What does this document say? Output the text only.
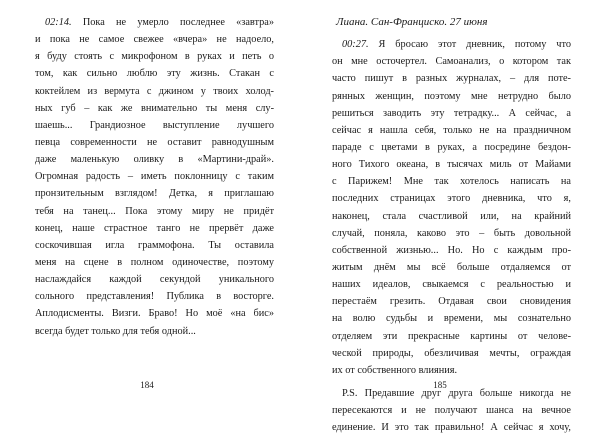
02:14. Пока не умерло последнее «завтра»
и пока не самое свежее «вчера» не надоело,
я буду стоять с микрофоном в руках и петь о
том, как сильно люблю эту жизнь. Стакан с
коктейлем из вермута с джином у твоих холод-
ных губ – как же внимательно ты меня слу-
шаешь... Грандиозное выступление лучшего
певца современности не оставит равнодушным
даже маленькую оливку в «Мартини-драй».
Огромная радость – иметь поклонницу с таким
пронзительным взглядом! Детка, я приглашаю
тебя на танец... Пока этому миру не придёт
конец, наше страстное танго не прервёт даже
соскочившая игла граммофона. Ты оставила
меня на сцене в полном одиночестве, поэтому
наслаждайся каждой секундой уникального
сольного представления! Публика в восторге.
Аплодисменты. Визги. Браво! Но моё «на бис»
всегда будет только для тебя одной...
184
Лиана. Сан-Франциско. 27 июня
00:27. Я бросаю этот дневник, потому что
он мне осточертел. Самоанализ, о котором так
часто пишут в разных журналах, – для поте-
рянных женщин, поэтому мне нетрудно было
решиться заводить эту тетрадку... А сейчас, а
сейчас я нашла себя, только не на праздничном
параде с цветами в руках, а посредине бездон-
ного Тихого океана, в тысячах миль от Майами
с Парижем! Мне так хотелось написать на
последних страницах этого дневника, что я,
наконец, стала счастливой или, на крайний
случай, поняла, каково это – быть довольной
собственной жизнью... Но. Но с каждым про-
житым днём мы всё больше отдаляемся от
наших идеалов, свыкаемся с реальностью и
перестаём грезить. Отдавая свои сновидения
на волю судьбы и времени, мы сознательно
отделяем эти прекрасные картины от челове-
ческой природы, обезличивая мечты, ограждая
их от собственного влияния.
P.S. Предавшие друг друга больше никогда не
пересекаются и не получают шанса на вечное
единение. И это так правильно! А сейчас я хочу,
185
